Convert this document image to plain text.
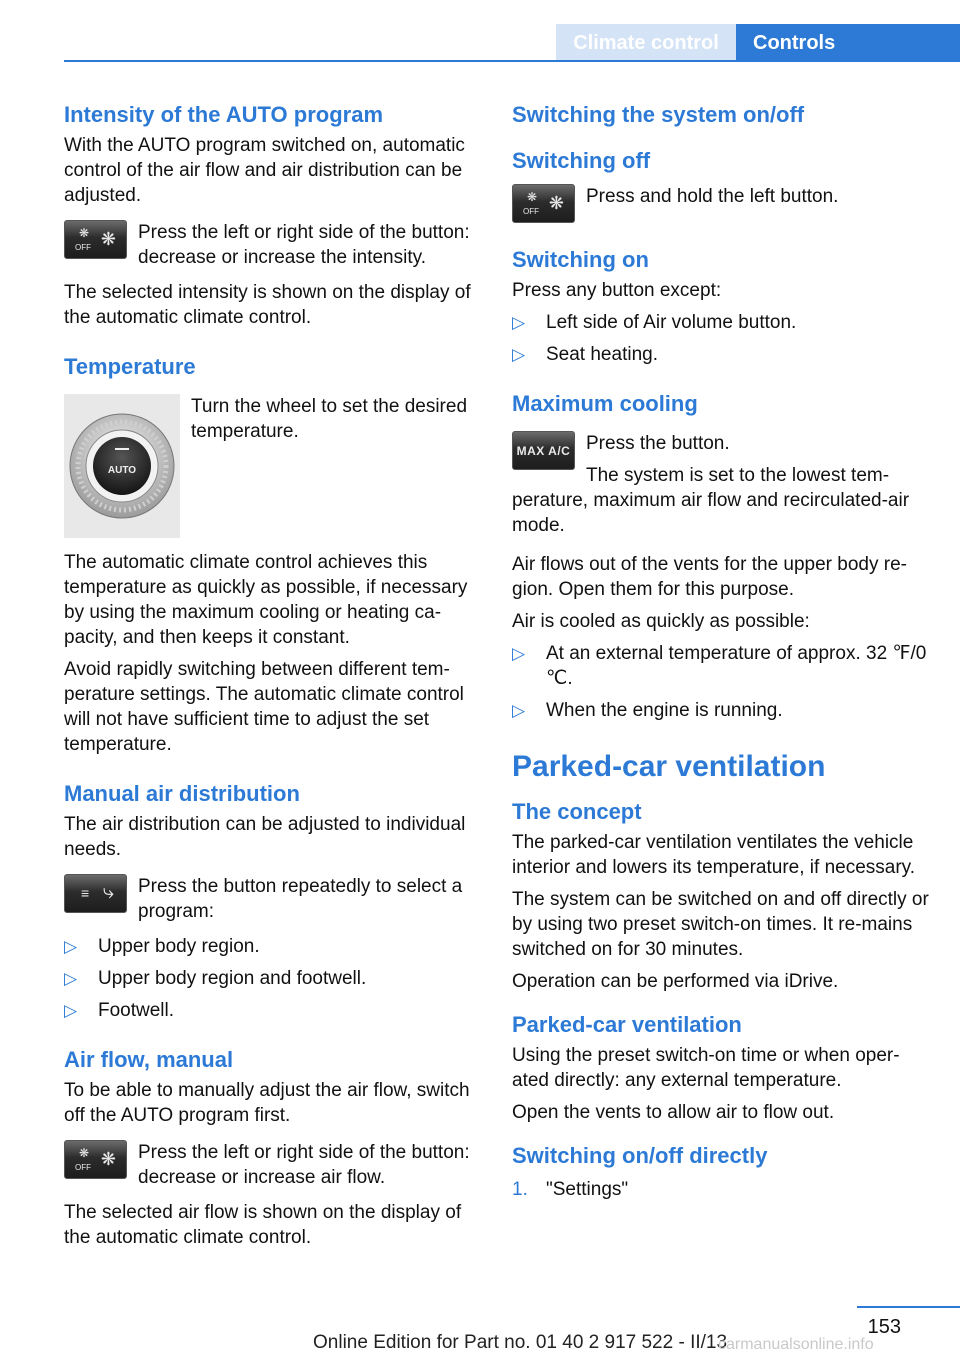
Climate control	Controls
Intensity of the AUTO program

With the AUTO program switched on, automatic control of the air flow and air distribution can be adjusted.

❋
OFF ❋ Press the left or right side of the button: decrease or increase the intensity.

The selected intensity is shown on the display of the automatic climate control.

Temperature
AUTO
Turn the wheel to set the desired temperature.

The automatic climate control achieves this temperature as quickly as possible, if necessary by using the maximum cooling or heating ca‐pacity, and then keeps it constant.

Avoid rapidly switching between different tem‐perature settings. The automatic climate control will not have sufficient time to adjust the set temperature.

Manual air distribution

The air distribution can be adjusted to individual needs.

≡ ⤷ Press the button repeatedly to select a program:
▷ Upper body region.
▷ Upper body region and footwell.
▷ Footwell.
Air flow, manual

To be able to manually adjust the air flow, switch off the AUTO program first.

❋
OFF ❋ Press the left or right side of the button: decrease or increase air flow.

The selected air flow is shown on the display of the automatic climate control.

Switching the system on/off
Switching off
❋
OFF ❋ Press and hold the left button.
Switching on

Press any button except:

▷ Left side of Air volume button.
▷ Seat heating.
Maximum cooling
MAX A/C Press the button.
The system is set to the lowest tem‐perature, maximum air flow and recirculated-air mode.

Air flows out of the vents for the upper body re‐gion. Open them for this purpose.

Air is cooled as quickly as possible:

▷ At an external temperature of approx. 32 ℉/0 ℃.
▷ When the engine is running.
Parked-car ventilation
The concept

The parked-car ventilation ventilates the vehicle interior and lowers its temperature, if necessary.

The system can be switched on and off directly or by using two preset switch-on times. It re‐mains switched on for 30 minutes.

Operation can be performed via iDrive.

Parked-car ventilation

Using the preset switch-on time or when oper‐ated directly: any external temperature.

Open the vents to allow air to flow out.

Switching on/off directly
1. "Settings"
153
Online Edition for Part no. 01 40 2 917 522 - II/13
carmanualsonline.info
